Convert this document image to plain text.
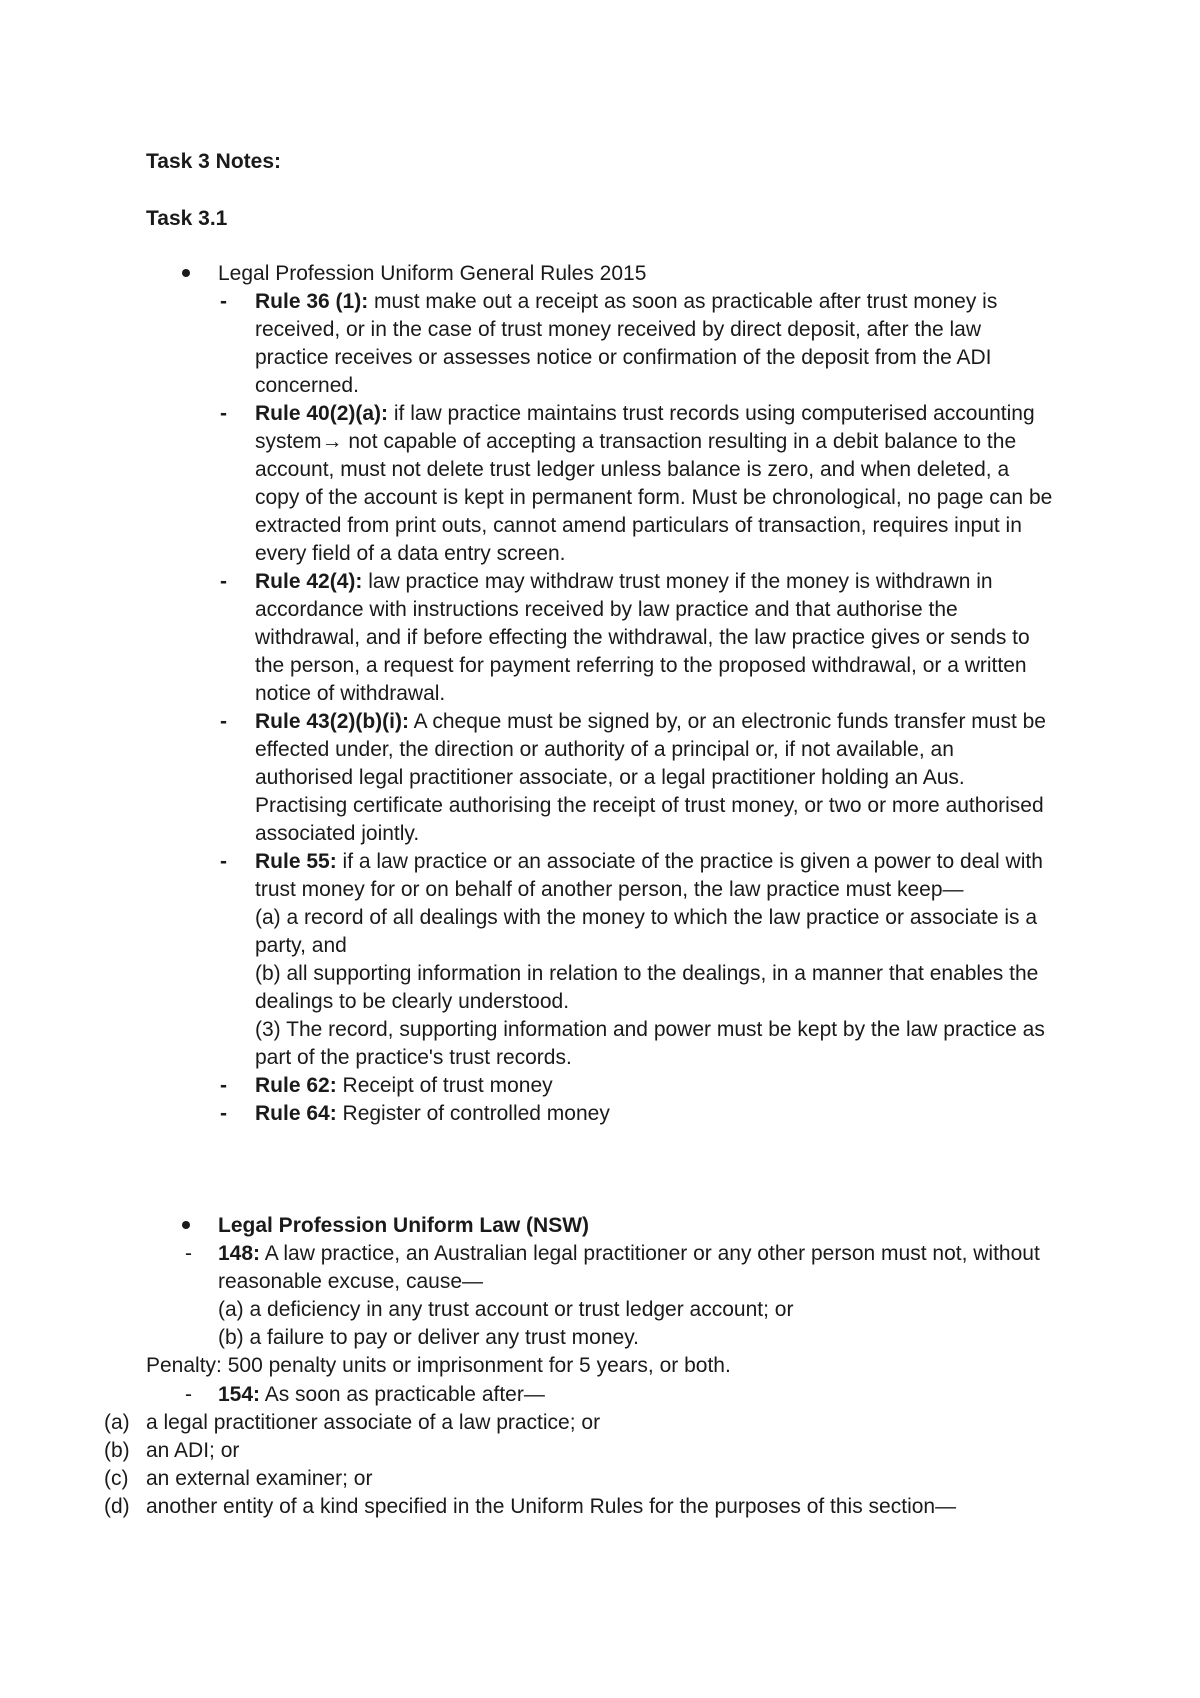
Task 3 Notes:
Task 3.1
Legal Profession Uniform General Rules 2015

- Rule 36 (1): must make out a receipt as soon as practicable after trust money is received, or in the case of trust money received by direct deposit, after the law practice receives or assesses notice or confirmation of the deposit from the ADI concerned.

- Rule 40(2)(a): if law practice maintains trust records using computerised accounting system→ not capable of accepting a transaction resulting in a debit balance to the account, must not delete trust ledger unless balance is zero, and when deleted, a copy of the account is kept in permanent form. Must be chronological, no page can be extracted from print outs, cannot amend particulars of transaction, requires input in every field of a data entry screen.

- Rule 42(4): law practice may withdraw trust money if the money is withdrawn in accordance with instructions received by law practice and that authorise the withdrawal, and if before effecting the withdrawal, the law practice gives or sends to the person, a request for payment referring to the proposed withdrawal, or a written notice of withdrawal.

- Rule 43(2)(b)(i): A cheque must be signed by, or an electronic funds transfer must be effected under, the direction or authority of a principal or, if not available, an authorised legal practitioner associate, or a legal practitioner holding an Aus. Practising certificate authorising the receipt of trust money, or two or more authorised associated jointly.

- Rule 55: if a law practice or an associate of the practice is given a power to deal with trust money for or on behalf of another person, the law practice must keep—
(a) a record of all dealings with the money to which the law practice or associate is a party, and
(b) all supporting information in relation to the dealings, in a manner that enables the dealings to be clearly understood.
(3) The record, supporting information and power must be kept by the law practice as part of the practice's trust records.

- Rule 62: Receipt of trust money

- Rule 64: Register of controlled money

Legal Profession Uniform Law (NSW)

- 148: A law practice, an Australian legal practitioner or any other person must not, without reasonable excuse, cause—
(a) a deficiency in any trust account or trust ledger account; or
(b) a failure to pay or deliver any trust money.

Penalty: 500 penalty units or imprisonment for 5 years, or both.

- 154: As soon as practicable after—

(a) a legal practitioner associate of a law practice; or
(b) an ADI; or
(c) an external examiner; or
(d) another entity of a kind specified in the Uniform Rules for the purposes of this section—
